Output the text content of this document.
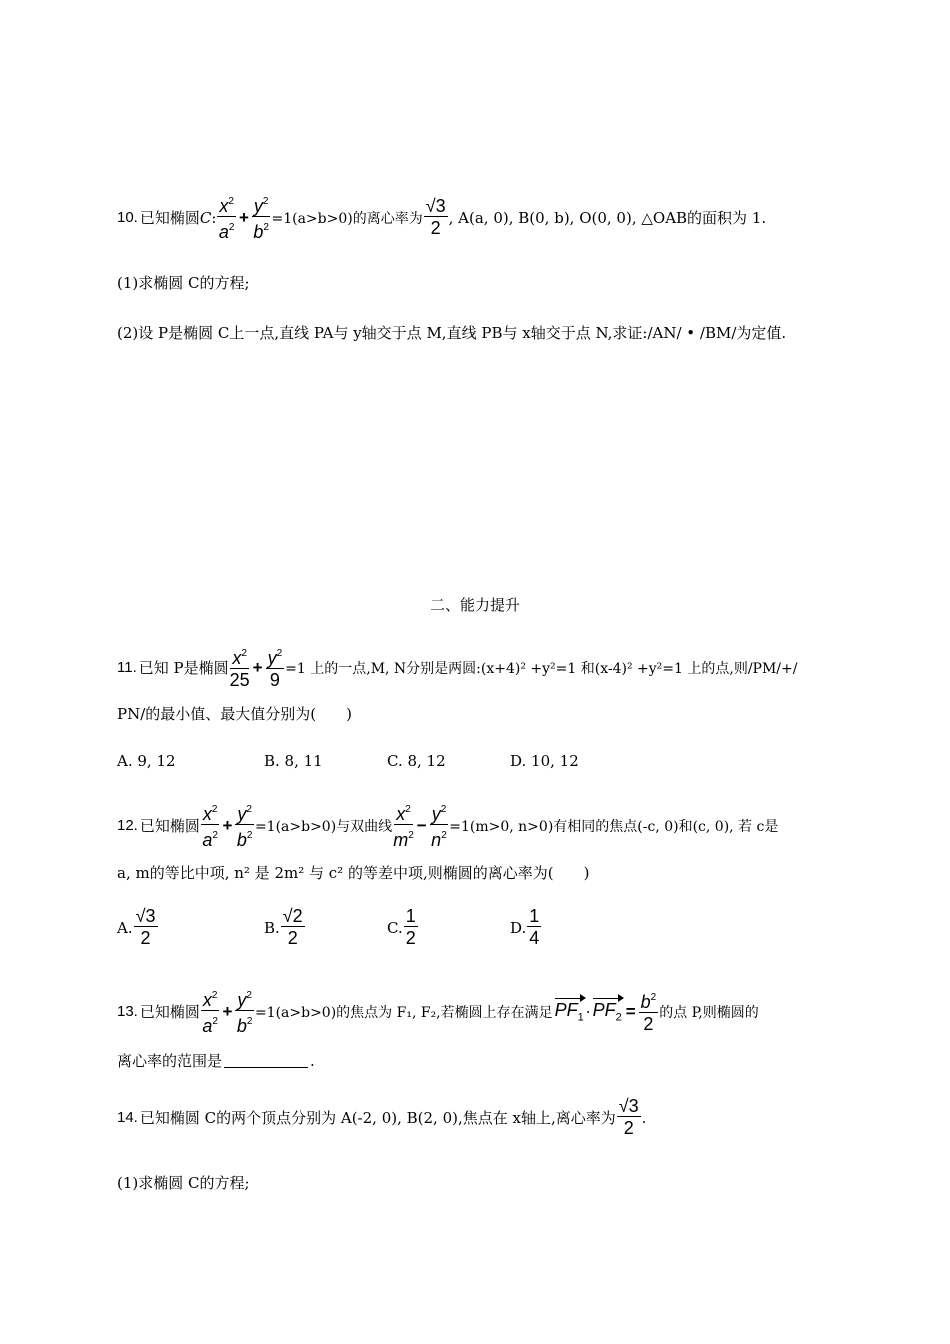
10. 已知椭圆 C : $\frac{x^2}{a^2} + \frac{y^2}{b^2} =1(a>b>0)$的离心率为 $\frac{√3}{2}$ , A(a, 0), B(0, b), O(0, 0), △OAB的面积为 1.
(1)求椭圆 C的方程;
(2)设 P是椭圆 C上一点,直线 PA与 y轴交于点 M,直线 PB与 x轴交于点 N,求证:/AN/ • /BM/为定值.
二、能力提升
11. 已知 P是椭圆 $\frac{x^2}{25} + \frac{y^2}{9} =1$ 上的一点,M, N分别是两圆:(x+4)² +y²=1 和(x-4)² +y²=1 上的点,则/PM/+/
PN/的最小值、最大值分别为(　　)
A. 9, 12	B. 8, 11	C. 8, 12	D. 10, 12
12. 已知椭圆 $\frac{x^2}{a^2} + \frac{y^2}{b^2} =1(a>b>0)$与双曲线 $\frac{x^2}{m^2} - \frac{y^2}{n^2} =1(m>0$, n>0)有相同的焦点(-c, 0)和(c, 0), 若 c是
a, m的等比中项, n² 是 2m² 与 c² 的等差中项,则椭圆的离心率为(　　)
A. $\frac{√3}{2}$	B. $\frac{√2}{2}$	C. $\frac{1}{2}$	D. $\frac{1}{4}$
13. 已知椭圆 $\frac{x^2}{a^2} + \frac{y^2}{b^2} =1(a>b>0)$的焦点为 F₁, F₂,若椭圆上存在满足 $PF_1 \cdot PF_2 = \frac{b^2}{2}$ 的点 P,则椭圆的
离心率的范围是	.
14. 已知椭圆 C的两个顶点分别为 A(-2, 0), B(2, 0),焦点在 x轴上,离心率为 $\frac{√3}{2}$ .
(1)求椭圆 C的方程;
